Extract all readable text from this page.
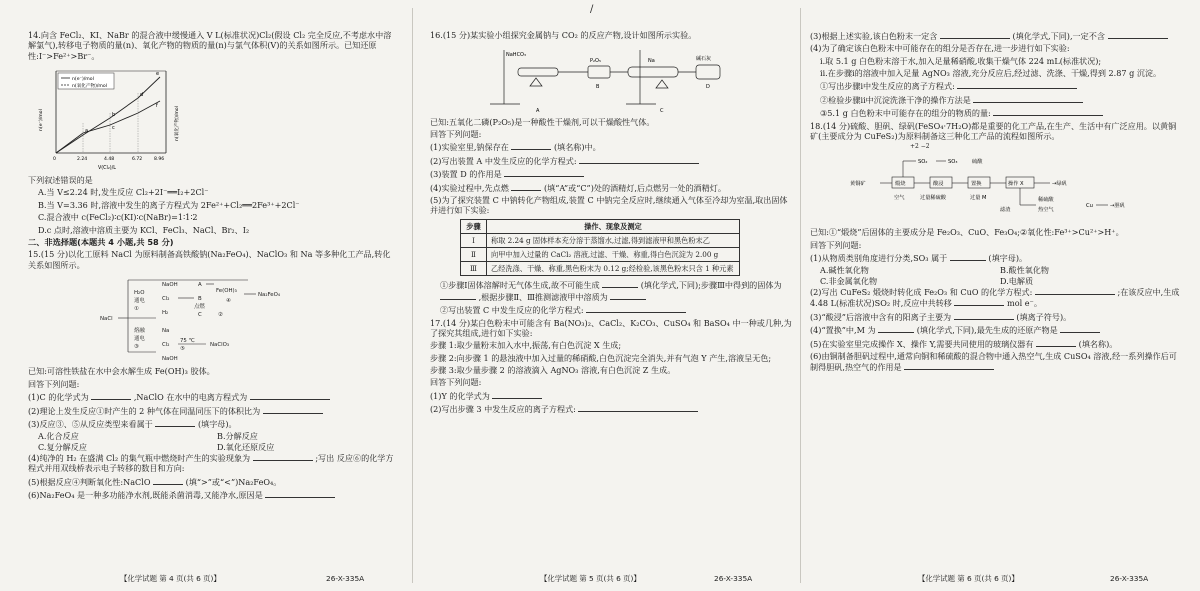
/

14.向含 FeCl₂、KI、NaBr 的混合液中缓慢通入 V L(标准状况)Cl₂(假设 Cl₂ 完全反应,不考虑水中溶解氯气),转移电子物质的量(n)、氧化产物的物质的量(n)与氯气体积(V)的关系如图所示。已知还原性:I⁻>Fe²⁺>Br⁻。

n(e⁻)/mol
n(氧化产物)/mol
a
b
c
d
e
f
0	2.24	4.48	6.72	8.96
V(Cl₂)/L
n(e⁻)/mol	n(氧化产物)/mol

下列叙述错误的是

A.当 V≤2.24 时,发生反应 Cl₂+2I⁻══I₂+2Cl⁻

B.当 V=3.36 时,溶液中发生的离子方程式为 2Fe²⁺+Cl₂══2Fe³⁺+2Cl⁻

C.混合液中 c(FeCl₂)∶c(KI)∶c(NaBr)=1∶1∶2

D.c 点时,溶液中溶质主要为 KCl、FeCl₃、NaCl、Br₂、I₂

二、非选择题(本题共 4 小题,共 58 分)

15.(15 分)以化工原料 NaCl 为原料制备高铁酸钠(Na₂FeO₄)、NaClO₃ 和 Na 等多种化工产品,转化关系如图所示。

NaCl
H₂O
通电
①
NaOH
Cl₂
H₂
A
B
点燃
C
Fe(OH)₃
④
Na₂FeO₄
②
熔融
通电
③
Na
Cl₂
75 ℃
⑤
NaClO₃
NaOH

已知:可溶性铁盐在水中会水解生成 Fe(OH)₃ 胶体。

回答下列问题:

(1)C 的化学式为	,NaClO 在水中的电离方程式为

(2)理论上发生反应①时产生的 2 种气体在同温同压下的体积比为

(3)反应③、⑤从反应类型来看属于	(填字母)。

A.化合反应	B.分解反应
C.复分解反应	D.氧化还原反应

(4)纯净的 H₂ 在盛满 Cl₂ 的集气瓶中燃烧时产生的实验现象为	;写出 反应⑥的化学方程式并用双线桥表示电子转移的数目和方向:

(5)根据反应④判断氧化性:NaClO	(填“>”或“<”)Na₂FeO₄。

(6)Na₂FeO₄ 是一种多功能净水剂,既能杀菌消毒,又能净水,原因是

【化学试题 第 4 页(共 6 页)】	26-X-335A

16.(15 分)某实验小组探究金属钠与 CO₂ 的反应产物,设计如图所示实验。

NaHCO₃
P₂O₅	Na	碱石灰
A
B
C
D

已知:五氧化二磷(P₂O₅)是一种酸性干燥剂,可以干燥酸性气体。

回答下列问题:

(1)实验室里,钠保存在	(填名称)中。

(2)写出装置 A 中发生反应的化学方程式:

(3)装置 D 的作用是

(4)实验过程中,先点燃	(填“A”或“C”)处的酒精灯,后点燃另一处的酒精灯。

(5)为了探究装置 C 中钠转化产物组成,装置 C 中钠完全反应时,继续通入气体至冷却为室温,取出固体并进行如下实验:

步骤	操作、现象及测定
Ⅰ	称取 2.24 g 固体样本充分溶于蒸馏水,过滤,得到滤液甲和黑色粉末乙
Ⅱ	向甲中加入过量的 CaCl₂ 溶液,过滤、干燥、称重,得白色沉淀为 2.00 g
Ⅲ	乙经洗涤、干燥、称重,黑色粉末为 0.12 g;经检验,该黑色粉末只含 1 种元素

①步骤Ⅰ固体溶解时无气体生成,故不可能生成	(填化学式,下同);步骤Ⅲ中得到的固体为  ,根据步骤Ⅱ、Ⅲ推测滤液甲中溶质为

②写出装置 C 中发生反应的化学方程式:

17.(14 分)某白色粉末中可能含有 Ba(NO₃)₂、CaCl₂、K₂CO₃、CuSO₄ 和 BaSO₄ 中一种或几种,为了探究其组成,进行如下实验:

步骤 1:取少量粉末加入水中,振荡,有白色沉淀 X 生成;

步骤 2:向步骤 1 的悬浊液中加入过量的稀硝酸,白色沉淀完全消失,并有气泡 Y 产生,溶液呈无色;

步骤 3:取少量步骤 2 的溶液滴入 AgNO₃ 溶液,有白色沉淀 Z 生成。

回答下列问题:

(1)Y 的化学式为

(2)写出步骤 3 中发生反应的离子方程式:

【化学试题 第 5 页(共 6 页)】	26-X-335A

(3)根据上述实验,该白色粉末一定含	(填化学式,下同),一定不含

(4)为了确定该白色粉末中可能存在的组分是否存在,进一步进行如下实验:

ⅰ.取 5.1 g 白色粉末溶于水,加入足量稀硝酸,收集干燥气体 224 mL(标准状况);

ⅱ.在步骤ⅰ的溶液中加入足量 AgNO₃ 溶液,充分反应后,经过滤、洗涤、干燥,得到 2.87 g 沉淀。

①写出步骤ⅰ中发生反应的离子方程式:

②检验步骤ⅱ中沉淀洗涤干净的操作方法是

③5.1 g 白色粉末中可能存在的组分的物质的量:

18.(14 分)硫酸、胆矾、绿矾(FeSO₄·7H₂O)都是重要的化工产品,在生产、生活中有广泛应用。以黄铜矿(主要成分为 CuFeS₂)为原料制备这三种化工产品的流程如图所示。

+2 −2

黄铜矿	煅烧	酸浸	置换	操作 X
SO₂	SO₃	硫酸
空气	过量稀硫酸	过量 M
→绿矾
滤渣
稀硫酸
热空气
Cu	→胆矾

已知:①“煅烧”后固体的主要成分是 Fe₂O₃、CuO、Fe₃O₄;②氧化性:Fe³⁺>Cu²⁺>H⁺。

回答下列问题:

(1)从物质类别角度进行分类,SO₃ 属于	(填字母)。

A.碱性氧化物	B.酸性氧化物
C.非金属氧化物	D.电解质

(2)写出 CuFeS₂ 煅烧时转化成 Fe₂O₃ 和 CuO 的化学方程式:	;在该反应中,生成 4.48 L(标准状况)SO₂ 时,反应中共转移	mol e⁻。

(3)“酸浸”后溶液中含有的阳离子主要为	(填离子符号)。

(4)“置换”中,M 为	(填化学式,下同),最先生成的还原产物是

(5)在实验室里完成操作 X、操作 Y,需要共同使用的玻璃仪器有	(填名称)。

(6)由铜制备胆矾过程中,通常向铜和稀硫酸的混合物中通入热空气,生成 CuSO₄ 溶液,经一系列操作后可制得胆矾,热空气的作用是

【化学试题 第 6 页(共 6 页)】	26-X-335A
